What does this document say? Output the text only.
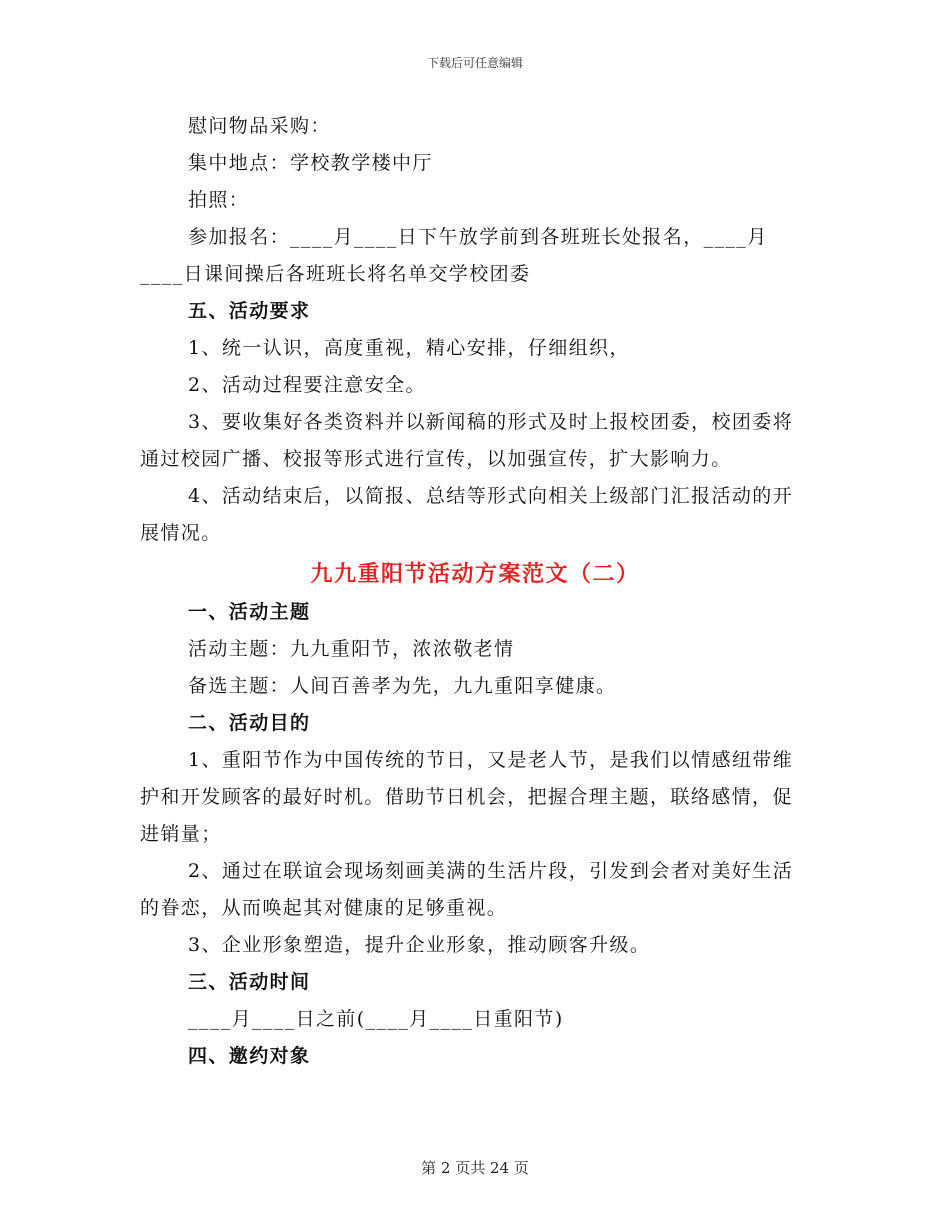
下载后可任意编辑

慰问物品采购：

集中地点：学校教学楼中厅

拍照：

参加报名：____月____日下午放学前到各班班长处报名，____月____日课间操后各班班长将名单交学校团委

五、活动要求

1、统一认识，高度重视，精心安排，仔细组织，

2、活动过程要注意安全。

3、要收集好各类资料并以新闻稿的形式及时上报校团委，校团委将通过校园广播、校报等形式进行宣传，以加强宣传，扩大影响力。

4、活动结束后，以简报、总结等形式向相关上级部门汇报活动的开展情况。

九九重阳节活动方案范文（二）

一、活动主题

活动主题：九九重阳节，浓浓敬老情

备选主题：人间百善孝为先，九九重阳享健康。

二、活动目的

1、重阳节作为中国传统的节日，又是老人节，是我们以情感纽带维护和开发顾客的最好时机。借助节日机会，把握合理主题，联络感情，促进销量；

2、通过在联谊会现场刻画美满的生活片段，引发到会者对美好生活的眷恋，从而唤起其对健康的足够重视。

3、企业形象塑造，提升企业形象，推动顾客升级。

三、活动时间

____月____日之前(____月____日重阳节)

四、邀约对象

第 2 页共 24 页
